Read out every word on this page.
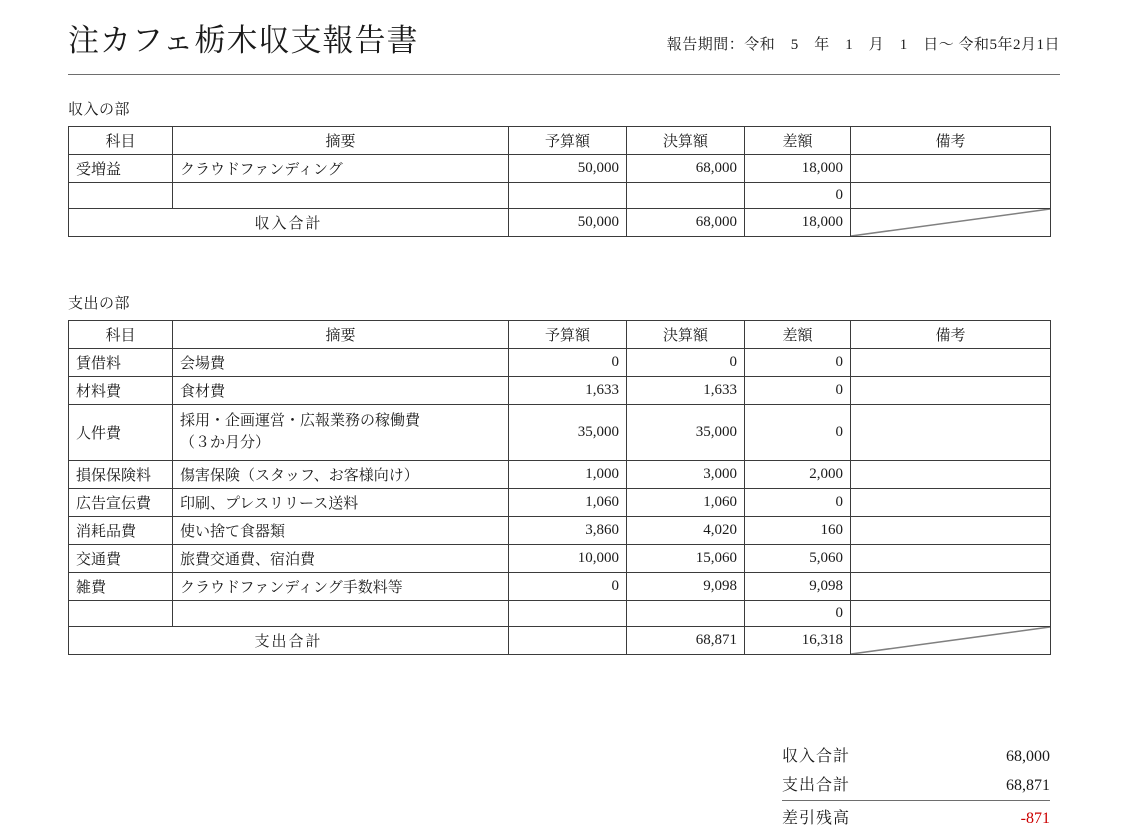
注カフェ栃木収支報告書	報告期間：令和　5　年　1　月　1　日〜 令和5年2月1日
収入の部
科目	摘要	予算額	決算額	差額	備考
受増益	クラウドファンディング	50,000	68,000	18,000	
				0	
収入合計		50,000	68,000	18,000	
支出の部
科目	摘要	予算額	決算額	差額	備考
賃借料	会場費	0	0	0	
材料費	食材費	1,633	1,633	0	
人件費	採用・企画運営・広報業務の稼働費
（３か月分）	35,000	35,000	0	
損保保険料	傷害保険（スタッフ、お客様向け）	1,000	3,000	2,000	
広告宣伝費	印刷、プレスリリース送料	1,060	1,060	0	
消耗品費	使い捨て食器類	3,860	4,020	160	
交通費	旅費交通費、宿泊費	10,000	15,060	5,060	
雑費	クラウドファンディング手数料等	0	9,098	9,098	
				0	
支出合計			68,871	16,318	
収入合計	68,000
支出合計	68,871
差引残高	-871
